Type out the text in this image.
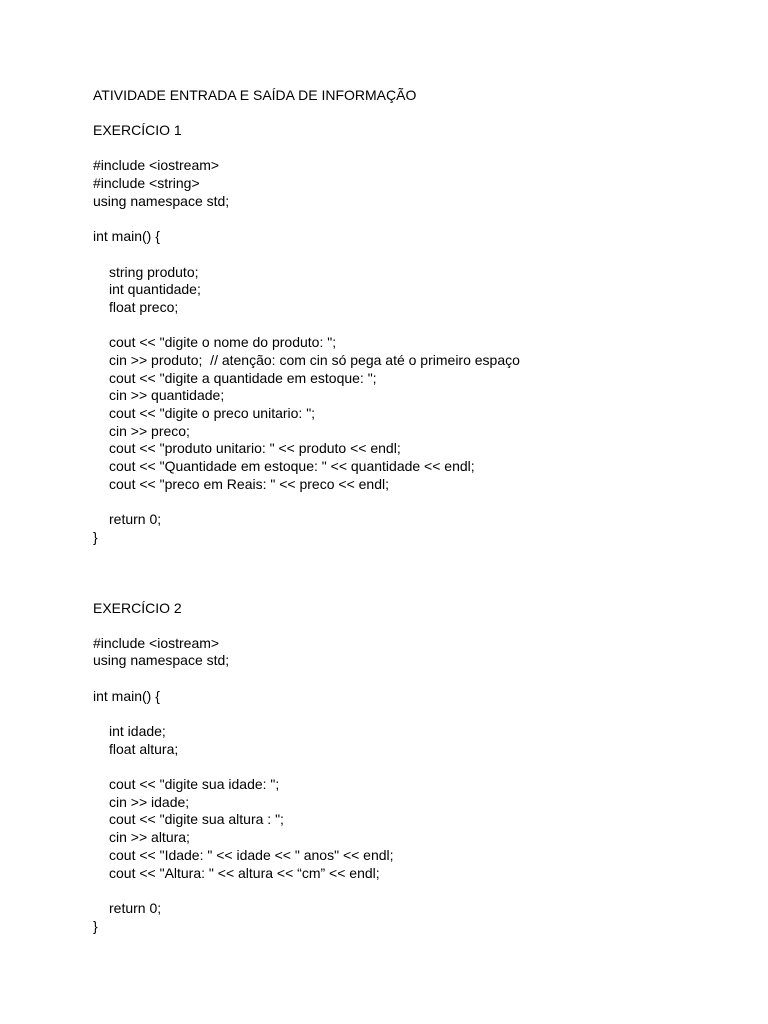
ATIVIDADE ENTRADA E SAÍDA DE INFORMAÇÃO
EXERCÍCIO 1
#include <iostream>
#include <string>
using namespace std;
int main() {
string produto;
int quantidade;
float preco;
cout << "digite o nome do produto: ";
cin >> produto;  // atenção: com cin só pega até o primeiro espaço
cout << "digite a quantidade em estoque: ";
cin >> quantidade;
cout << "digite o preco unitario: ";
cin >> preco;
cout << "produto unitario: " << produto << endl;
cout << "Quantidade em estoque: " << quantidade << endl;
cout << "preco em Reais: " << preco << endl;
return 0;
}
EXERCÍCIO 2
#include <iostream>
using namespace std;
int main() {
int idade;
float altura;
cout << "digite sua idade: ";
cin >> idade;
cout << "digite sua altura : ";
cin >> altura;
cout << "Idade: " << idade << " anos" << endl;
cout << "Altura: " << altura << “cm” << endl;
return 0;
}
